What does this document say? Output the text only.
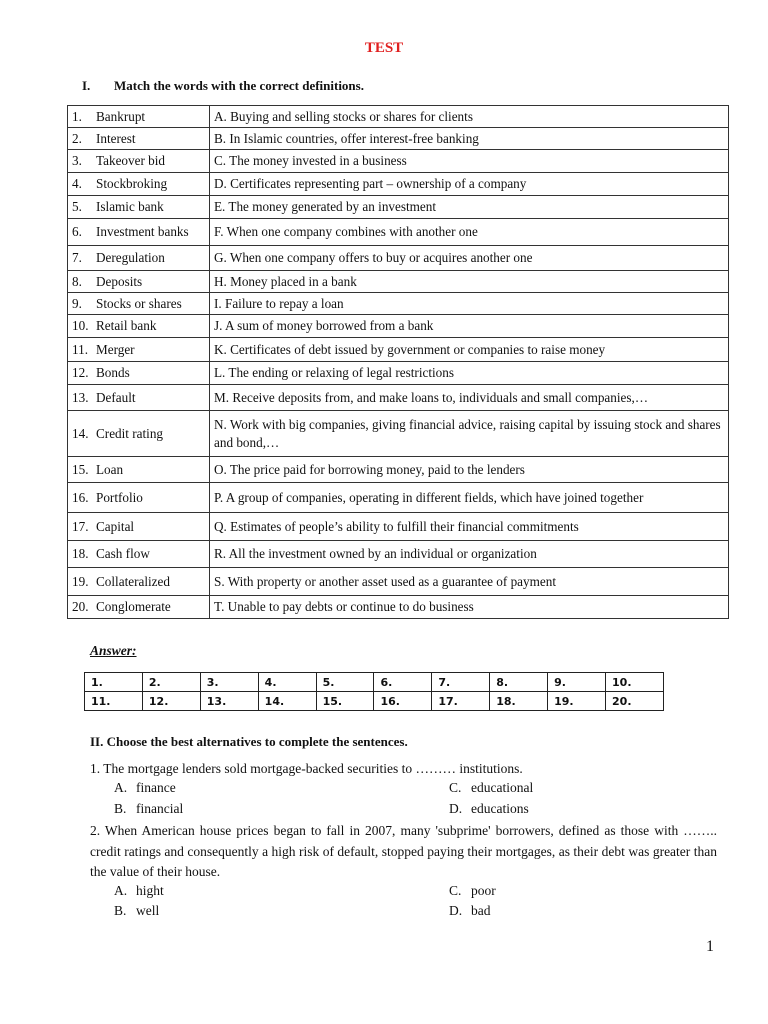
TEST
I. Match the words with the correct definitions.
1. Bankrupt	A. Buying and selling stocks or shares for clients
2. Interest	B. In Islamic countries, offer interest-free banking
3. Takeover bid	C. The money invested in a business
4. Stockbroking	D. Certificates representing part – ownership of a company
5. Islamic bank	E. The money generated by an investment
6. Investment banks	F. When one company combines with another one
7. Deregulation	G. When one company offers to buy or acquires another one
8. Deposits	H. Money placed in a bank
9. Stocks or shares	I. Failure to repay a loan
10. Retail bank	J. A sum of money borrowed from a bank
11. Merger	K. Certificates of debt issued by government or companies to raise money
12. Bonds	L. The ending or relaxing of legal restrictions
13. Default	M. Receive deposits from, and make loans to, individuals and small companies,…
14. Credit rating	N. Work with big companies, giving financial advice, raising capital by issuing stock and shares and bond,…
15. Loan	O. The price paid for borrowing money, paid to the lenders
16. Portfolio	P. A group of companies, operating in different fields, which have joined together
17. Capital	Q. Estimates of people’s ability to fulfill their financial commitments
18. Cash flow	R. All the investment owned by an individual or organization
19. Collateralized	S. With property or another asset used as a guarantee of payment
20. Conglomerate	T. Unable to pay debts or continue to do business
Answer:
1.	2.	3.	4.	5.	6.	7.	8.	9.	10.
11.	12.	13.	14.	15.	16.	17.	18.	19.	20.
II. Choose the best alternatives to complete the sentences.
1. The mortgage lenders sold mortgage-backed securities to ……… institutions.
A. finance
B. financial
C. educational
D. educations
2. When American house prices began to fall in 2007, many 'subprime' borrowers, defined as those with …….. credit ratings and consequently a high risk of default, stopped paying their mortgages, as their debt was greater than the value of their house.
A. hight
B. well
C. poor
D. bad
1
